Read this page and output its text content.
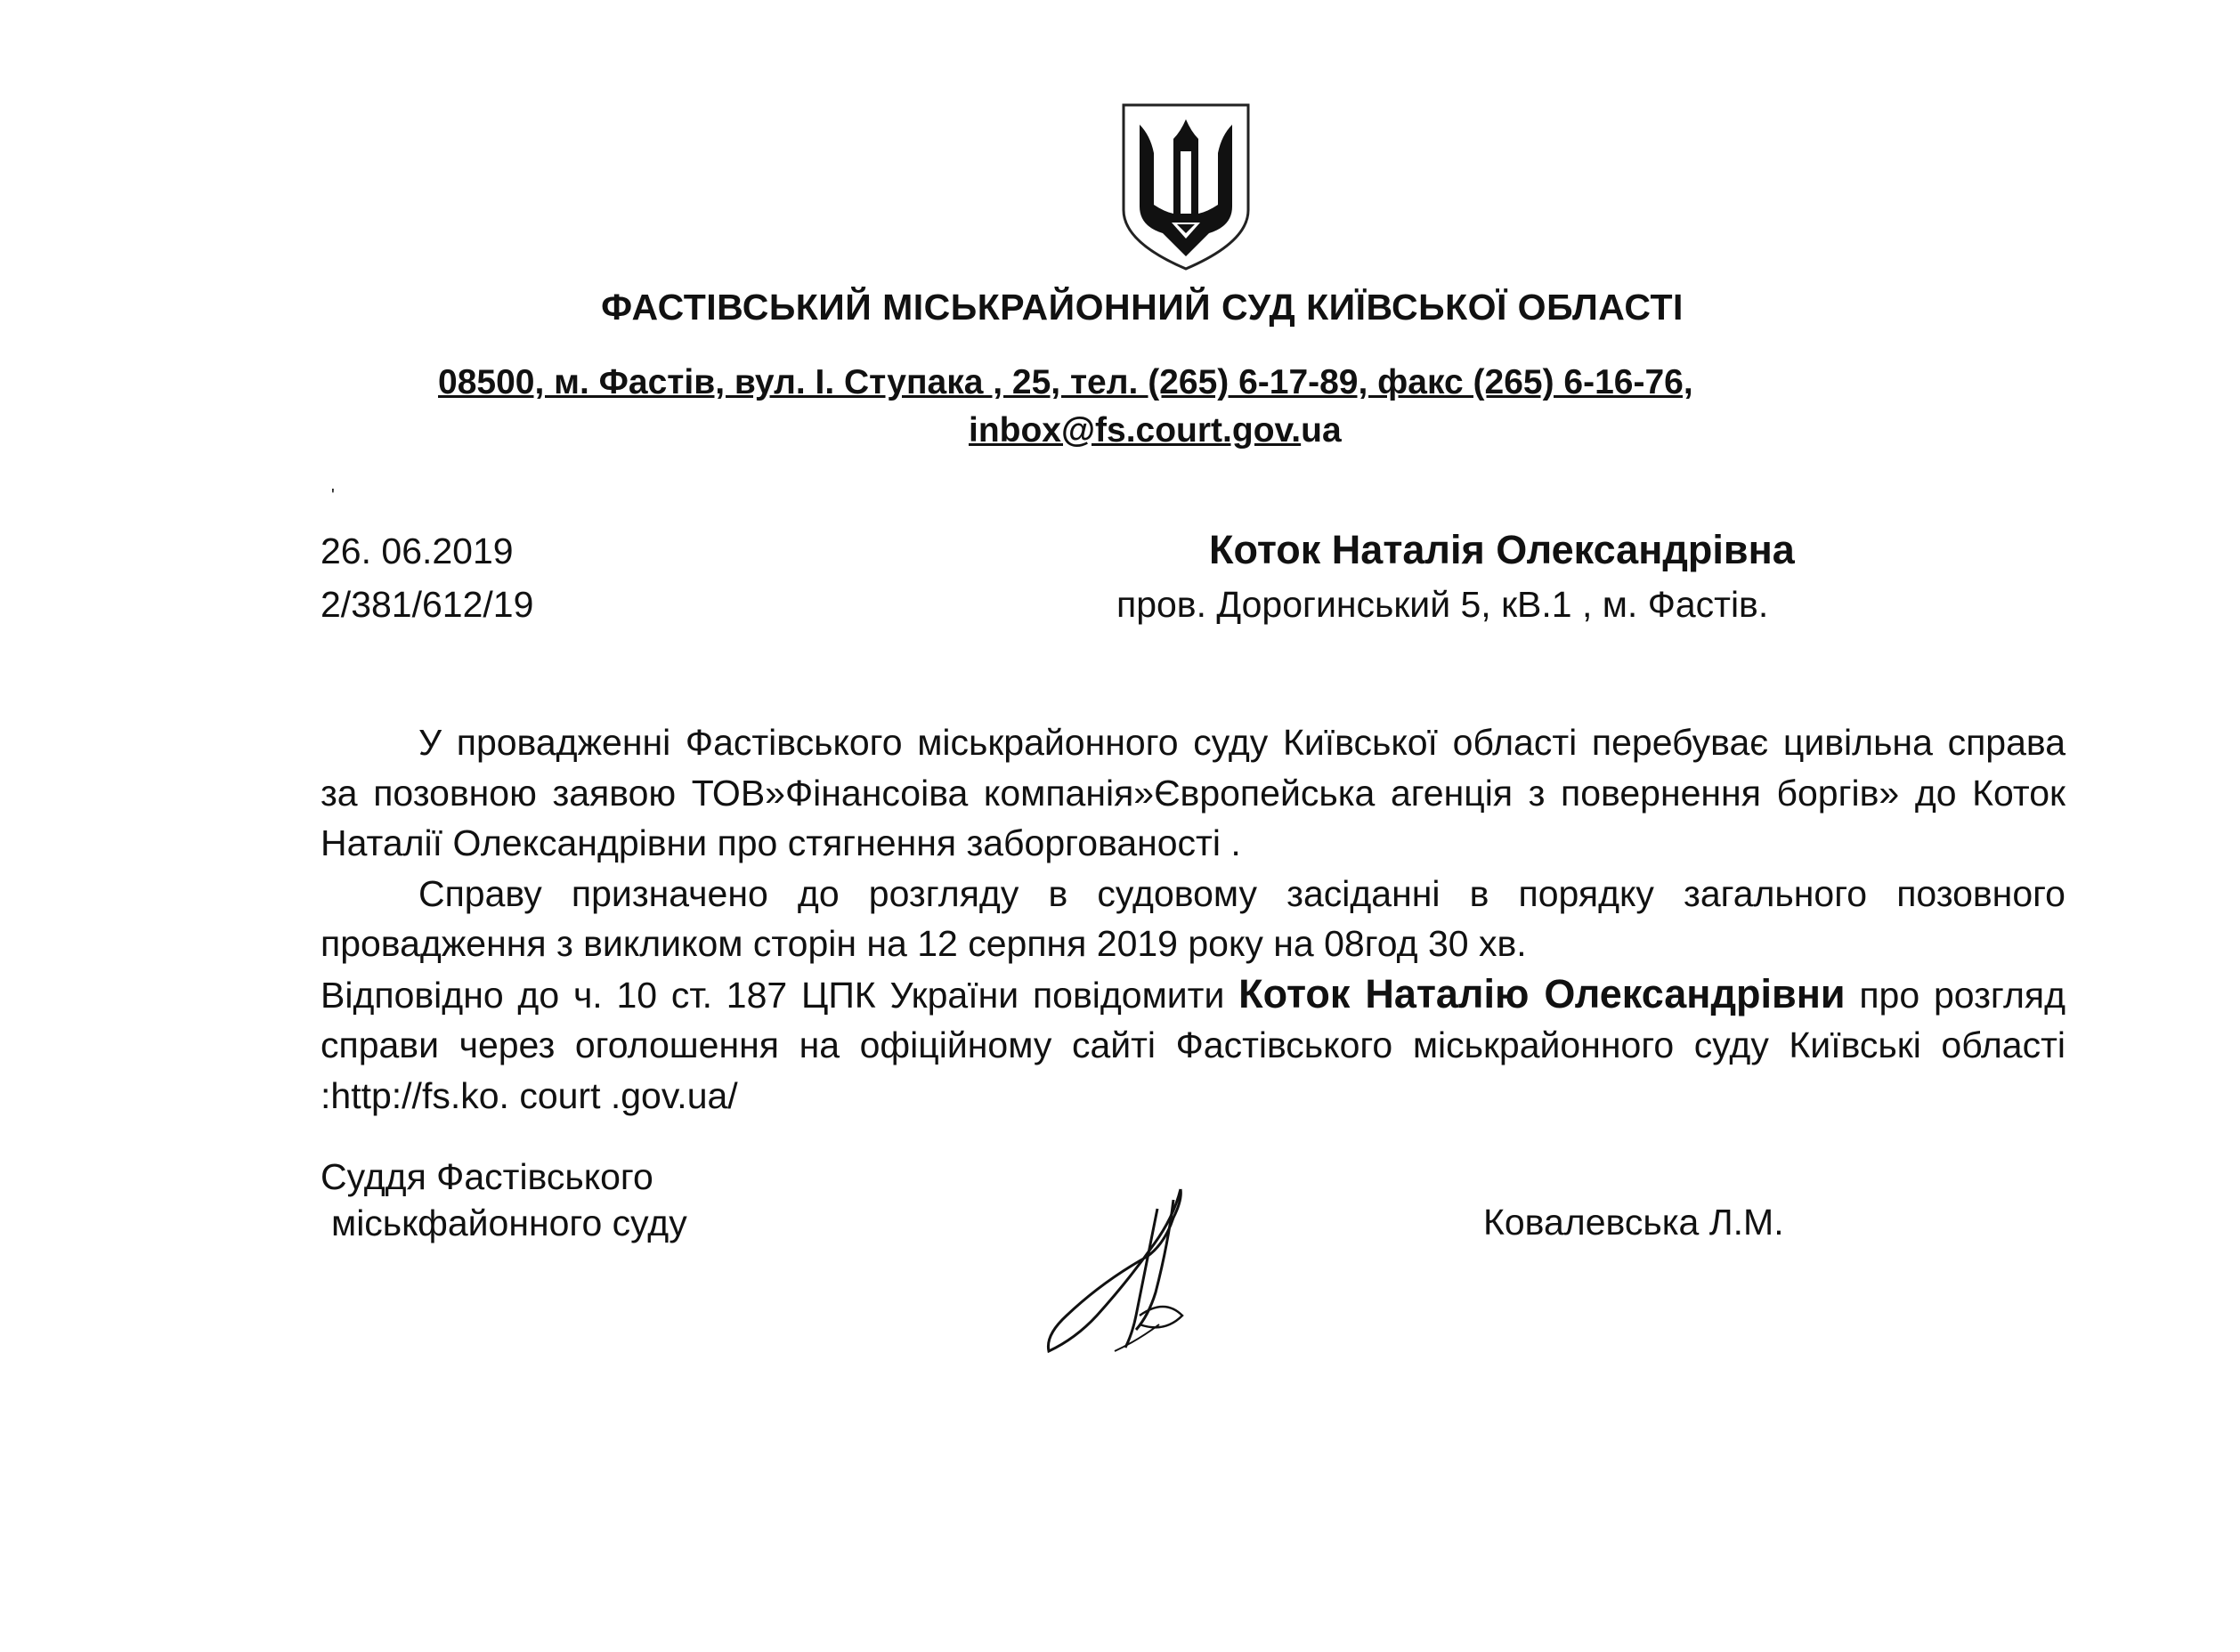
ФАСТІВСЬКИЙ МІСЬКРАЙОННИЙ СУД КИЇВСЬКОЇ ОБЛАСТІ
08500, м. Фастів, вул. І. Ступака , 25, тел. (265) 6-17-89, факс (265) 6-16-76,
inbox@fs.court.gov.ua
'
26. 06.2019
2/381/612/19
Коток Наталія Олександрівна
пров. Дорогинський 5, кВ.1 , м. Фастів.

У провадженні Фастівського міськрайонного суду Київської області перебуває цивільна справа за позовною заявою ТОВ»Фінансоіва компанія»Європейська агенція з повернення боргів» до Коток Наталії Олександрівни про стягнення заборгованості .

Справу призначено до розгляду в судовому засіданні в порядку загального позовного провадження з викликом сторін на 12 серпня 2019 року на 08год 30 хв.

Відповідно до ч. 10 ст. 187 ЦПК України повідомити Коток Наталію Олександрівни про розгляд справи через оголошення на офіційному сайті Фастівського міськрайонного суду Київські області :http://fs.ko. court .gov.ua/

Суддя Фастівського
міськфайонного суду	Ковалевська Л.М.
